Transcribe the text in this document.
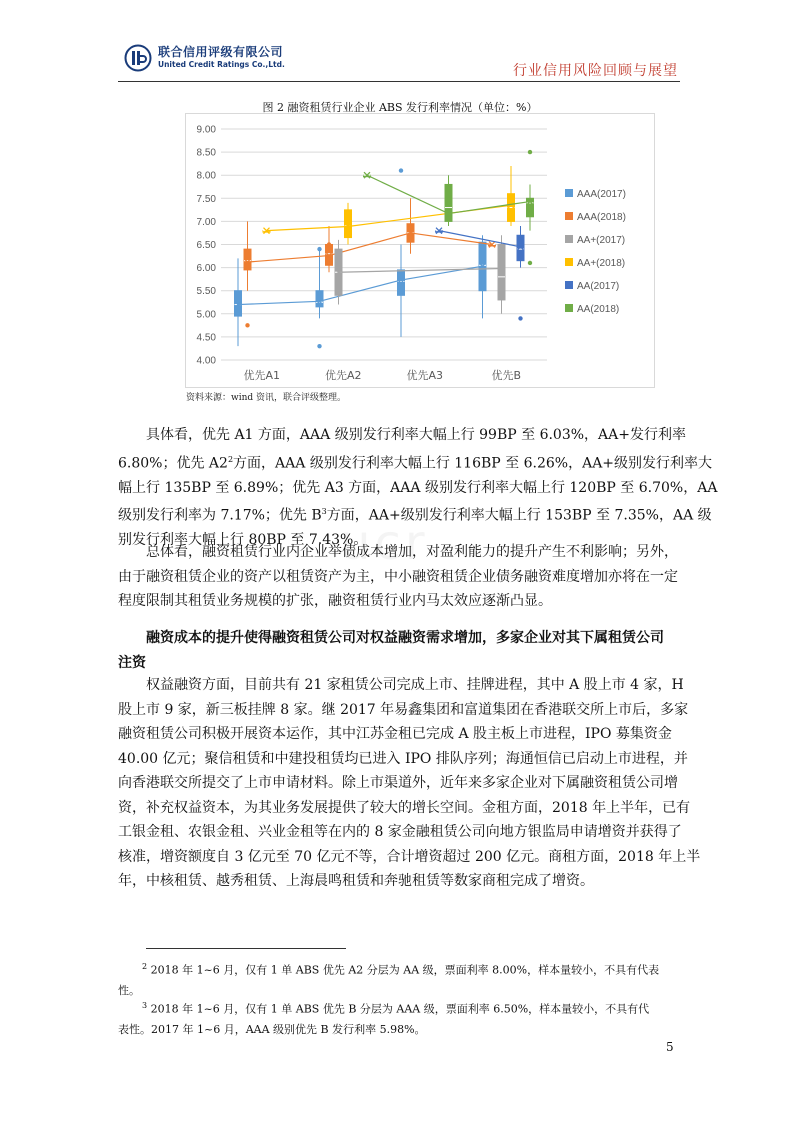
联合信用评级有限公司
United Credit Ratings Co.,Ltd.	行业信用风险回顾与展望
图 2 融资租赁行业企业 ABS 发行利率情况（单位：%）
4.00
4.50
5.00
5.50
6.00
6.50
7.00
7.50
8.00
8.50
9.00
优先A1	优先A2	优先A3	优先B
AAA(2017)
AAA(2018)
AA+(2017)
AA+(2018)
AA(2017)
AA(2018)
资料来源：wind 资讯，联合评级整理。
具体看，优先 A1 方面，AAA 级别发行利率大幅上行 99BP 至 6.03%，AA+发行利率
6.80%；优先 $A2^2$方面，AAA 级别发行利率大幅上行 116BP 至 6.26%，AA+级别发行利率大
幅上行 135BP 至 6.89%；优先 A3 方面，AAA 级别发行利率大幅上行 120BP 至 6.70%，AA
级别发行利率为 7.17%；优先 $B^3$方面，AA+级别发行利率大幅上行 153BP 至 7.35%，AA 级
别发行利率大幅上行 80BP 至 7.43%。
总体看，融资租赁行业内企业举债成本增加，对盈利能力的提升产生不利影响；另外，
由于融资租赁企业的资产以租赁资产为主，中小融资租赁企业债务融资难度增加亦将在一定
程度限制其租赁业务规模的扩张，融资租赁行业内马太效应逐渐凸显。
融资成本的提升使得融资租赁公司对权益融资需求增加，多家企业对其下属租赁公司
注资
权益融资方面，目前共有 21 家租赁公司完成上市、挂牌进程，其中 A 股上市 4 家，H
股上市 9 家，新三板挂牌 8 家。继 2017 年易鑫集团和富道集团在香港联交所上市后，多家
融资租赁公司积极开展资本运作，其中江苏金租已完成 A 股主板上市进程，IPO 募集资金
40.00 亿元；聚信租赁和中建投租赁均已进入 IPO 排队序列；海通恒信已启动上市进程，并
向香港联交所提交了上市申请材料。除上市渠道外，近年来多家企业对下属融资租赁公司增
资，补充权益资本，为其业务发展提供了较大的增长空间。金租方面，2018 年上半年，已有
工银金租、农银金租、兴业金租等在内的 8 家金融租赁公司向地方银监局申请增资并获得了
核准，增资额度自 3 亿元至 70 亿元不等，合计增资超过 200 亿元。商租方面，2018 年上半
年，中核租赁、越秀租赁、上海晨鸣租赁和奔驰租赁等数家商租完成了增资。
$^2$ 2018 年 1~6 月，仅有 1 单 ABS 优先 A2 分层为 AA 级，票面利率 8.00%，样本量较小，不具有代表
性。
$^3$ 2018 年 1~6 月，仅有 1 单 ABS 优先 B 分层为 AAA 级，票面利率 6.50%，样本量较小，不具有代
表性。2017 年 1~6 月，AAA 级别优先 B 发行利率 5.98%。
5
